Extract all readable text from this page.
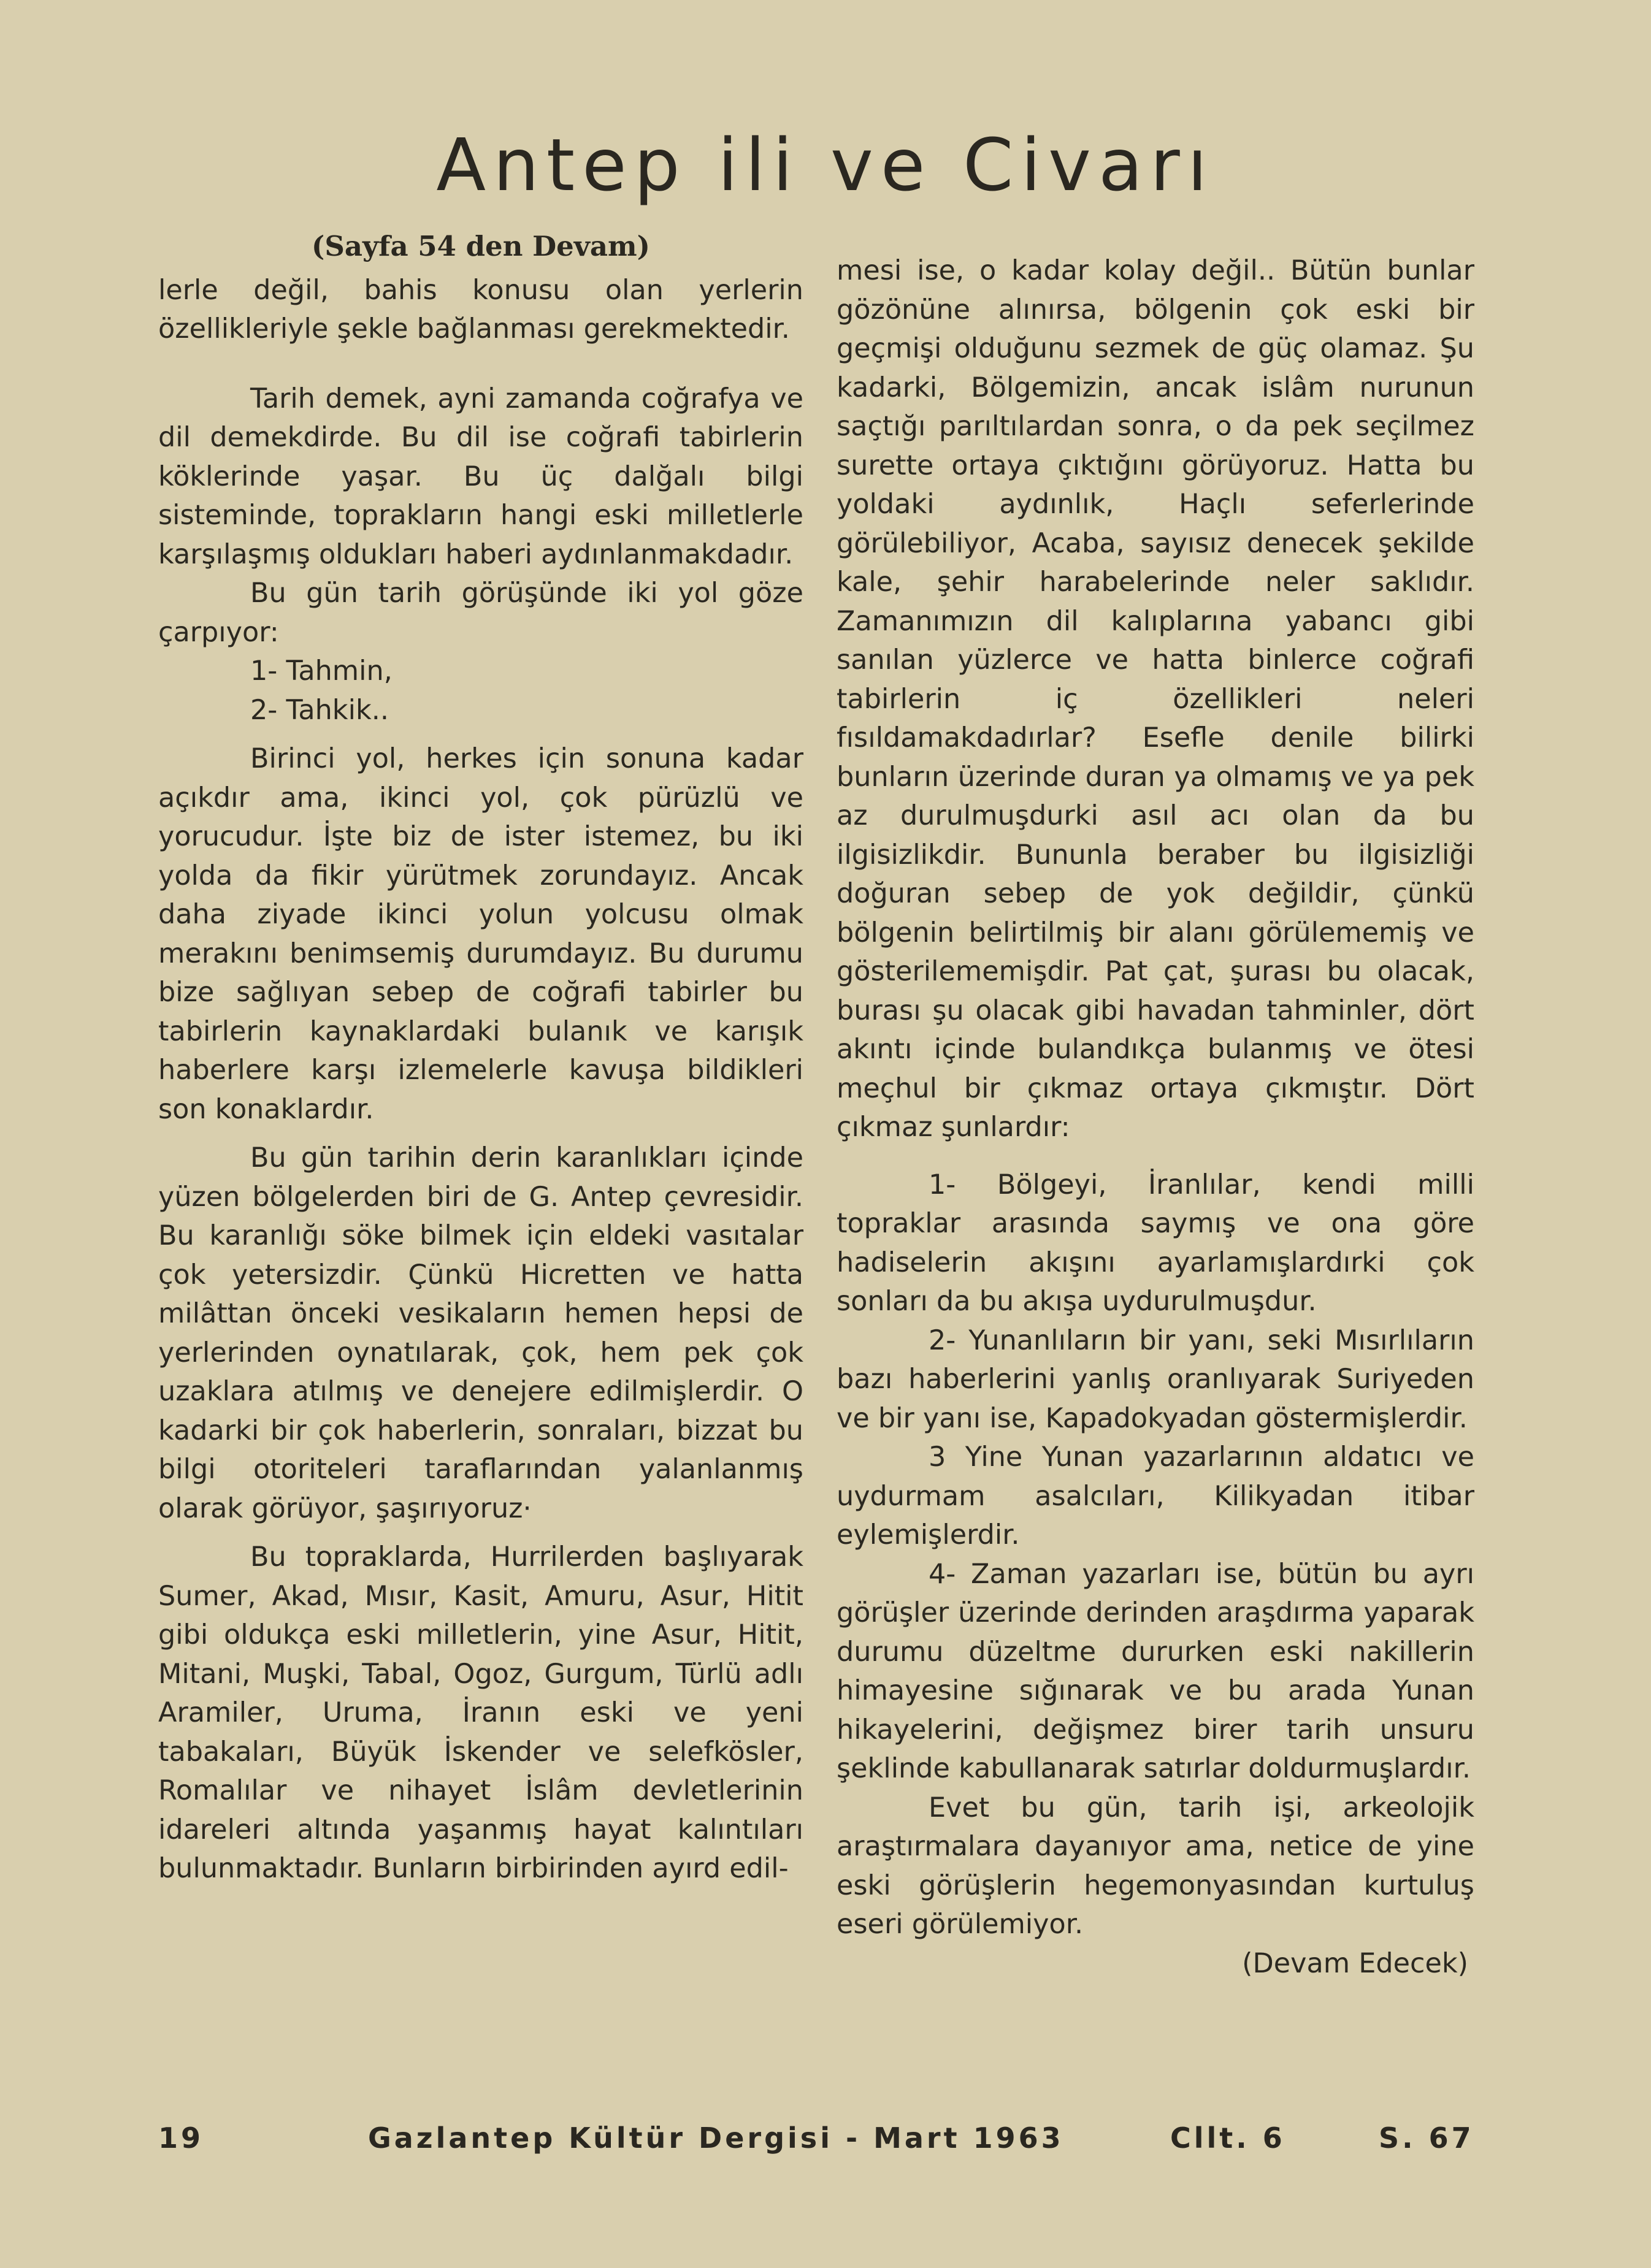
Antep ili ve Civarı
(Sayfa 54 den Devam)

lerle değil, bahis konusu olan yerlerin özellikleriyle şekle bağlanması gerekmektedir.

Tarih demek, ayni zamanda coğrafya ve dil demekdirde. Bu dil ise coğrafi tabirlerin köklerinde yaşar. Bu üç dalğalı bilgi sisteminde, toprakların hangi eski milletlerle karşılaşmış oldukları haberi aydınlanmakdadır.

Bu gün tarih görüşünde iki yol göze çarpıyor:

1- Tahmin,

2- Tahkik..

Birinci yol, herkes için sonuna kadar açıkdır ama, ikinci yol, çok pürüzlü ve yorucudur. İşte biz de ister istemez, bu iki yolda da fikir yürütmek zorundayız. Ancak daha ziyade ikinci yolun yolcusu olmak merakını benimsemiş durumdayız. Bu durumu bize sağlıyan sebep de coğrafi tabirler bu tabirlerin kaynaklardaki bulanık ve karışık haberlere karşı izlemelerle kavuşa bildikleri son konaklardır.

Bu gün tarihin derin karanlıkları içinde yüzen bölgelerden biri de G. Antep çevresidir. Bu karanlığı söke bilmek için eldeki vasıtalar çok yetersizdir. Çünkü Hicretten ve hatta milâttan önceki vesikaların hemen hepsi de yerlerinden oynatılarak, çok, hem pek çok uzaklara atılmış ve denejere edilmişlerdir. O kadarki bir çok haberlerin, sonraları, bizzat bu bilgi otoriteleri taraflarından yalanlanmış olarak görüyor, şaşırıyoruz·

Bu topraklarda, Hurrilerden başlıyarak Sumer, Akad, Mısır, Kasit, Amuru, Asur, Hitit gibi oldukça eski milletlerin, yine Asur, Hitit, Mitani, Muşki, Tabal, Ogoz, Gurgum, Türlü adlı Aramiler, Uruma, İranın eski ve yeni tabakaları, Büyük İskender ve selefkösler, Romalılar ve nihayet İslâm devletlerinin idareleri altında yaşanmış hayat kalıntıları bulunmaktadır. Bunların birbirinden ayırd edil-

mesi ise, o kadar kolay değil.. Bütün bunlar gözönüne alınırsa, bölgenin çok eski bir geçmişi olduğunu sezmek de güç olamaz. Şu kadarki, Bölgemizin, ancak islâm nurunun saçtığı parıltılardan sonra, o da pek seçilmez surette ortaya çıktığını görüyoruz. Hatta bu yoldaki aydınlık, Haçlı seferlerinde görülebiliyor, Acaba, sayısız denecek şekilde kale, şehir harabelerinde neler saklıdır. Zamanımızın dil kalıplarına yabancı gibi sanılan yüzlerce ve hatta binlerce coğrafi tabirlerin iç özellikleri neleri fısıldamakdadırlar? Esefle denile bilirki bunların üzerinde duran ya olmamış ve ya pek az durulmuşdurki asıl acı olan da bu ilgisizlikdir. Bununla beraber bu ilgisizliği doğuran sebep de yok değildir, çünkü bölgenin belirtilmiş bir alanı görülememiş ve gösterilememişdir. Pat çat, şurası bu olacak, burası şu olacak gibi havadan tahminler, dört akıntı içinde bulandıkça bulanmış ve ötesi meçhul bir çıkmaz ortaya çıkmıştır. Dört çıkmaz şunlardır:

1- Bölgeyi, İranlılar, kendi milli topraklar arasında saymış ve ona göre hadiselerin akışını ayarlamışlardırki çok sonları da bu akışa uydurulmuşdur.

2- Yunanlıların bir yanı, seki Mısırlıların bazı haberlerini yanlış oranlıyarak Suriyeden ve bir yanı ise, Kapadokyadan göstermişlerdir.

3 Yine Yunan yazarlarının aldatıcı ve uydurmam asalcıları, Kilikyadan itibar eylemişlerdir.

4- Zaman yazarları ise, bütün bu ayrı görüşler üzerinde derinden araşdırma yaparak durumu düzeltme dururken eski nakillerin himayesine sığınarak ve bu arada Yunan hikayelerini, değişmez birer tarih unsuru şeklinde kabullanarak satırlar doldurmuşlardır.

Evet bu gün, tarih işi, arkeolojik araştırmalara dayanıyor ama, netice de yine eski görüşlerin hegemonyasından kurtuluş eseri görülemiyor.

(Devam Edecek)

19	Gazlantep Kültür Dergisi - Mart 1963	Cllt. 6	S. 67
